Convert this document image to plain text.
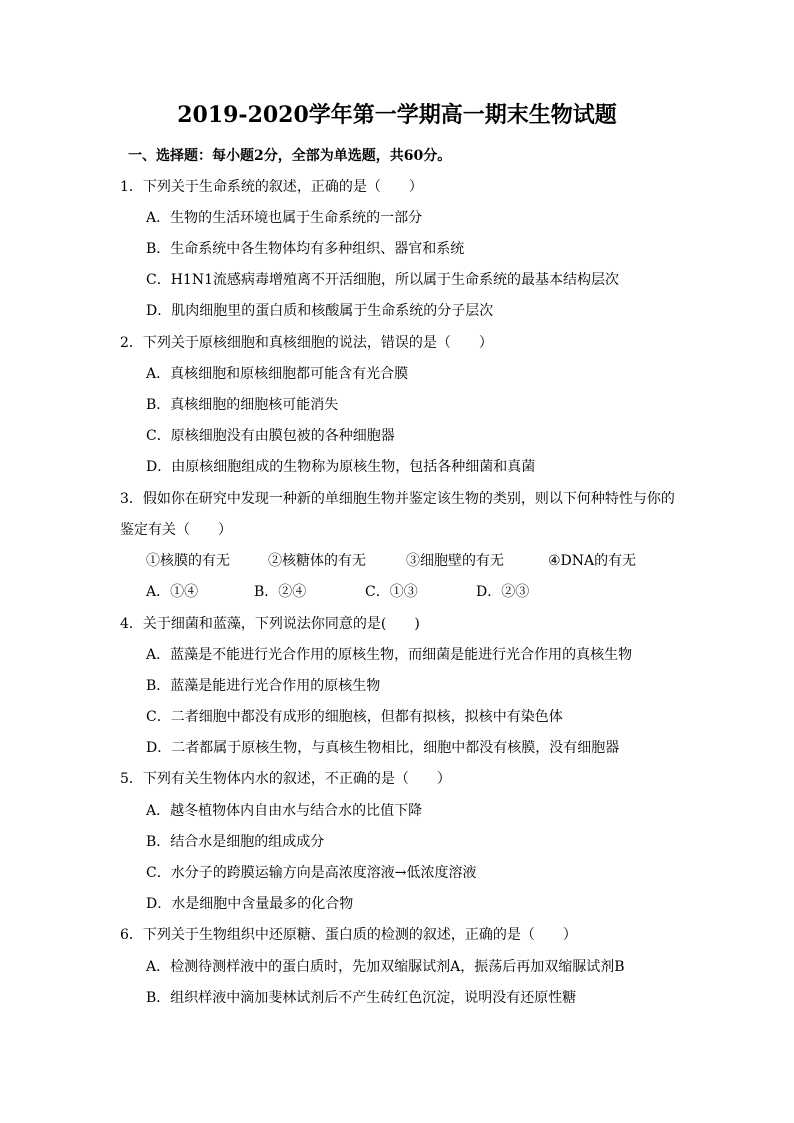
2019-2020学年第一学期高一期末生物试题
一、选择题：每小题2分，全部为单选题，共60分。
1．下列关于生命系统的叙述，正确的是（　　）
A．生物的生活环境也属于生命系统的一部分
B．生命系统中各生物体均有多种组织、器官和系统
C．H1N1流感病毒增殖离不开活细胞，所以属于生命系统的最基本结构层次
D．肌肉细胞里的蛋白质和核酸属于生命系统的分子层次
2．下列关于原核细胞和真核细胞的说法，错误的是（　　）
A．真核细胞和原核细胞都可能含有光合膜
B．真核细胞的细胞核可能消失
C．原核细胞没有由膜包被的各种细胞器
D．由原核细胞组成的生物称为原核生物，包括各种细菌和真菌
3．假如你在研究中发现一种新的单细胞生物并鉴定该生物的类别，则以下何种特性与你的
鉴定有关（　　）
①核膜的有无	②核糖体的有无	③细胞壁的有无	④DNA的有无
A．①④	B．②④	C．①③	D．②③
4．关于细菌和蓝藻，下列说法你同意的是(　　)
A．蓝藻是不能进行光合作用的原核生物，而细菌是能进行光合作用的真核生物
B．蓝藻是能进行光合作用的原核生物
C．二者细胞中都没有成形的细胞核，但都有拟核，拟核中有染色体
D．二者都属于原核生物，与真核生物相比，细胞中都没有核膜，没有细胞器
5．下列有关生物体内水的叙述，不正确的是（　　）
A．越冬植物体内自由水与结合水的比值下降
B．结合水是细胞的组成成分
C．水分子的跨膜运输方向是高浓度溶液→低浓度溶液
D．水是细胞中含量最多的化合物
6．下列关于生物组织中还原糖、蛋白质的检测的叙述，正确的是（　　）
A．检测待测样液中的蛋白质时，先加双缩脲试剂A，振荡后再加双缩脲试剂B
B．组织样液中滴加斐林试剂后不产生砖红色沉淀，说明没有还原性糖
